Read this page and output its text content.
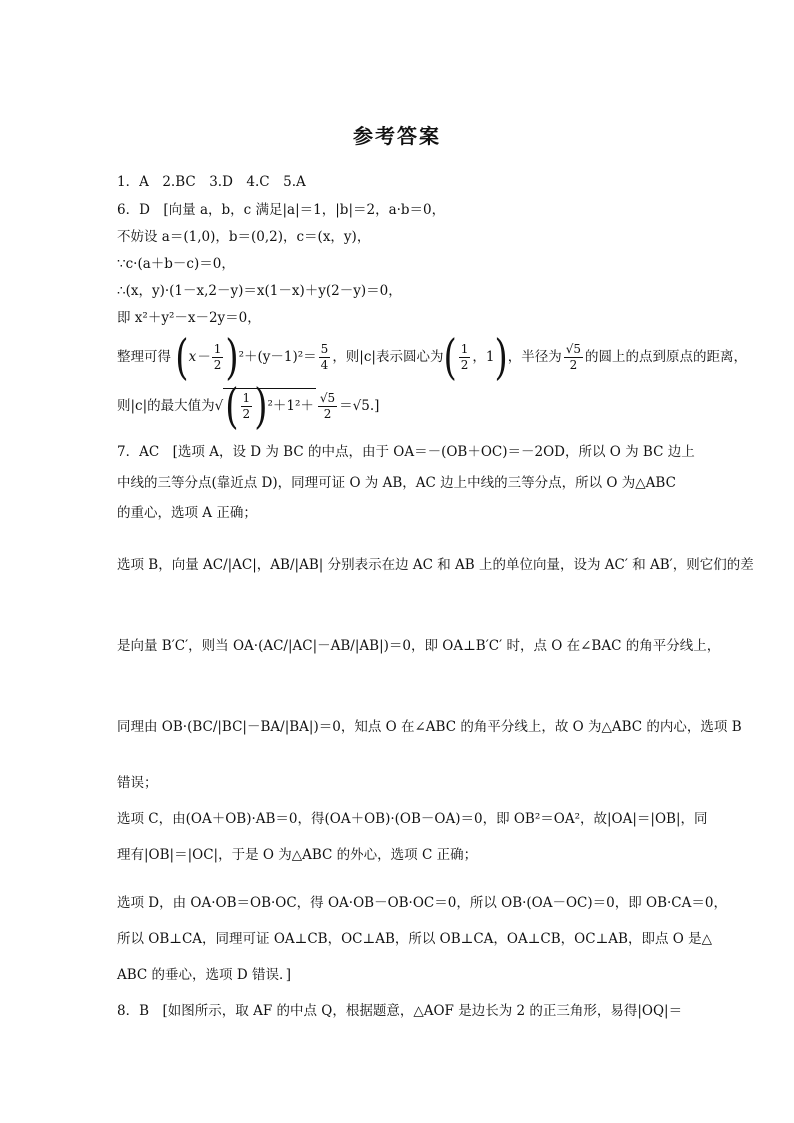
参考答案
1．A　2.BC　3.D　4.C　5.A
6．D　[向量 a，b，c 满足|a|＝1，|b|＝2，a·b＝0，
不妨设 a＝(1,0)，b＝(0,2)，c＝(x，y)，
∵c·(a＋b－c)＝0，
∴(x，y)·(1－x,2－y)＝x(1－x)＋y(2－y)＝0，
即 x²＋y²－x－2y＝0，
整理可得 $(x- \frac{1}{2} )^2+(y-1)^2= \frac{5}{4}$ ，则|c|表示圆心为( $\frac{1}{2}$ ，1)，半径为 $\frac{√5}{2}$ 的圆上的点到原点的距离，
则|c|的最大值为√( $\frac{1}{2} )^2+1^2+ \frac{√5}{2} =√5$.]
7．AC　[选项 A，设 D 为 BC 的中点，由于 OA＝－(OB＋OC)＝－2OD，所以 O 为 BC 边上
中线的三等分点(靠近点 D)，同理可证 O 为 AB，AC 边上中线的三等分点，所以 O 为△ABC
的重心，选项 A 正确；
选项 B，向量 AC/|AC|，AB/|AB| 分别表示在边 AC 和 AB 上的单位向量，设为 AC′ 和 AB′，则它们的差
是向量 B′C′，则当 OA·(AC/|AC|－AB/|AB|)＝0，即 OA⊥B′C′ 时，点 O 在∠BAC 的角平分线上，
同理由 OB·(BC/|BC|－BA/|BA|)＝0，知点 O 在∠ABC 的角平分线上，故 O 为△ABC 的内心，选项 B
错误；
选项 C，由(OA＋OB)·AB＝0，得(OA＋OB)·(OB－OA)＝0，即 OB²＝OA²，故|OA|＝|OB|，同
理有|OB|＝|OC|，于是 O 为△ABC 的外心，选项 C 正确；
选项 D，由 OA·OB＝OB·OC，得 OA·OB－OB·OC＝0，所以 OB·(OA－OC)＝0，即 OB·CA＝0，
所以 OB⊥CA，同理可证 OA⊥CB，OC⊥AB，所以 OB⊥CA，OA⊥CB，OC⊥AB，即点 O 是△
ABC 的垂心，选项 D 错误．]
8．B　[如图所示，取 AF 的中点 Q，根据题意，△AOF 是边长为 2 的正三角形，易得|OQ|＝
